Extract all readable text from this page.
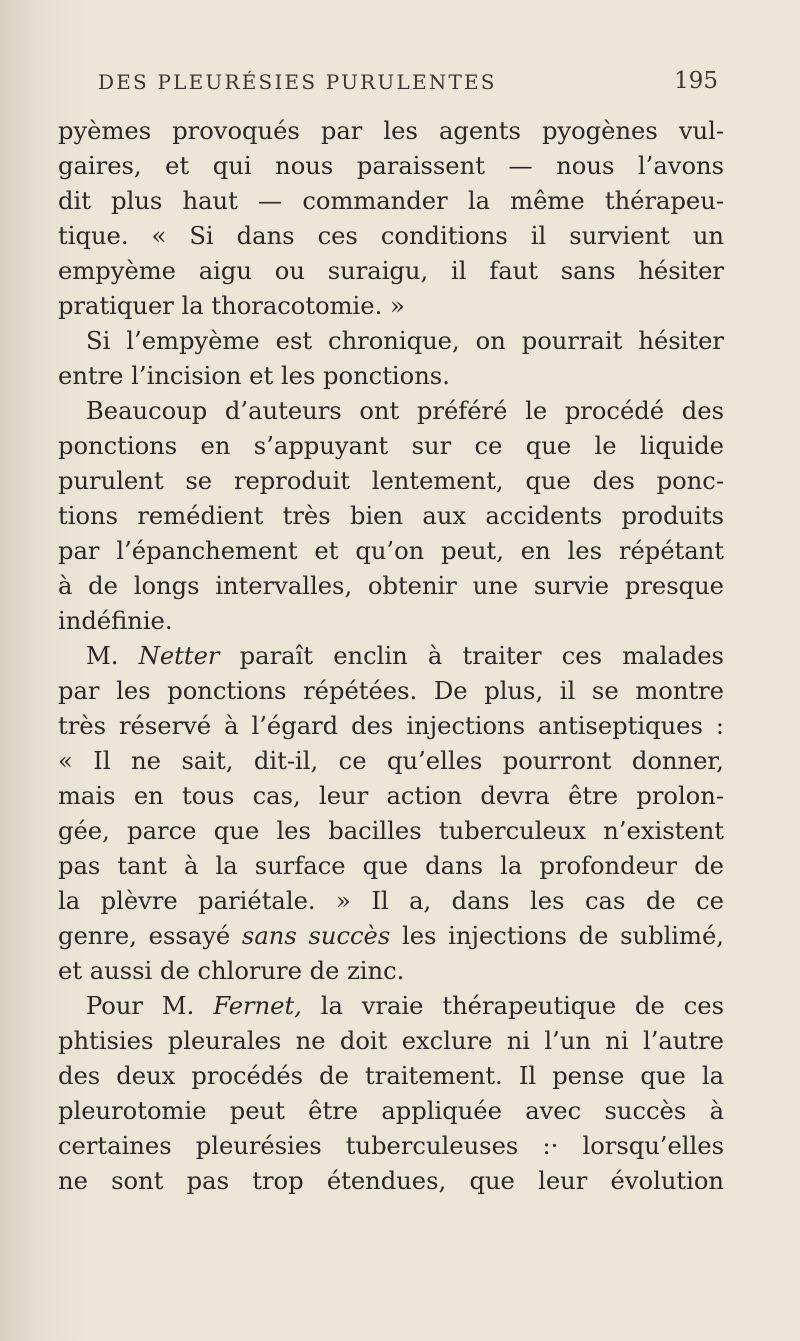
DES PLEURÉSIES PURULENTES	195
pyèmes provoqués par les agents pyogènes vul-
gaires, et qui nous paraissent — nous l’avons
dit plus haut — commander la même thérapeu-
tique. « Si dans ces conditions il survient un
empyème aigu ou suraigu, il faut sans hésiter
pratiquer la thoracotomie. »
Si l’empyème est chronique, on pourrait hésiter
entre l’incision et les ponctions.
Beaucoup d’auteurs ont préféré le procédé des
ponctions en s’appuyant sur ce que le liquide
purulent se reproduit lentement, que des ponc-
tions remédient très bien aux accidents produits
par l’épanchement et qu’on peut, en les répétant
à de longs intervalles, obtenir une survie presque
indéfinie.
M. Netter paraît enclin à traiter ces malades
par les ponctions répétées. De plus, il se montre
très réservé à l’égard des injections antiseptiques :
« Il ne sait, dit-il, ce qu’elles pourront donner,
mais en tous cas, leur action devra être prolon-
gée, parce que les bacilles tuberculeux n’existent
pas tant à la surface que dans la profondeur de
la plèvre pariétale. » Il a, dans les cas de ce
genre, essayé sans succès les injections de sublimé,
et aussi de chlorure de zinc.
Pour M. Fernet, la vraie thérapeutique de ces
phtisies pleurales ne doit exclure ni l’un ni l’autre
des deux procédés de traitement. Il pense que la
pleurotomie peut être appliquée avec succès à
certaines pleurésies tuberculeuses :· lorsqu’elles
ne sont pas trop étendues, que leur évolution
